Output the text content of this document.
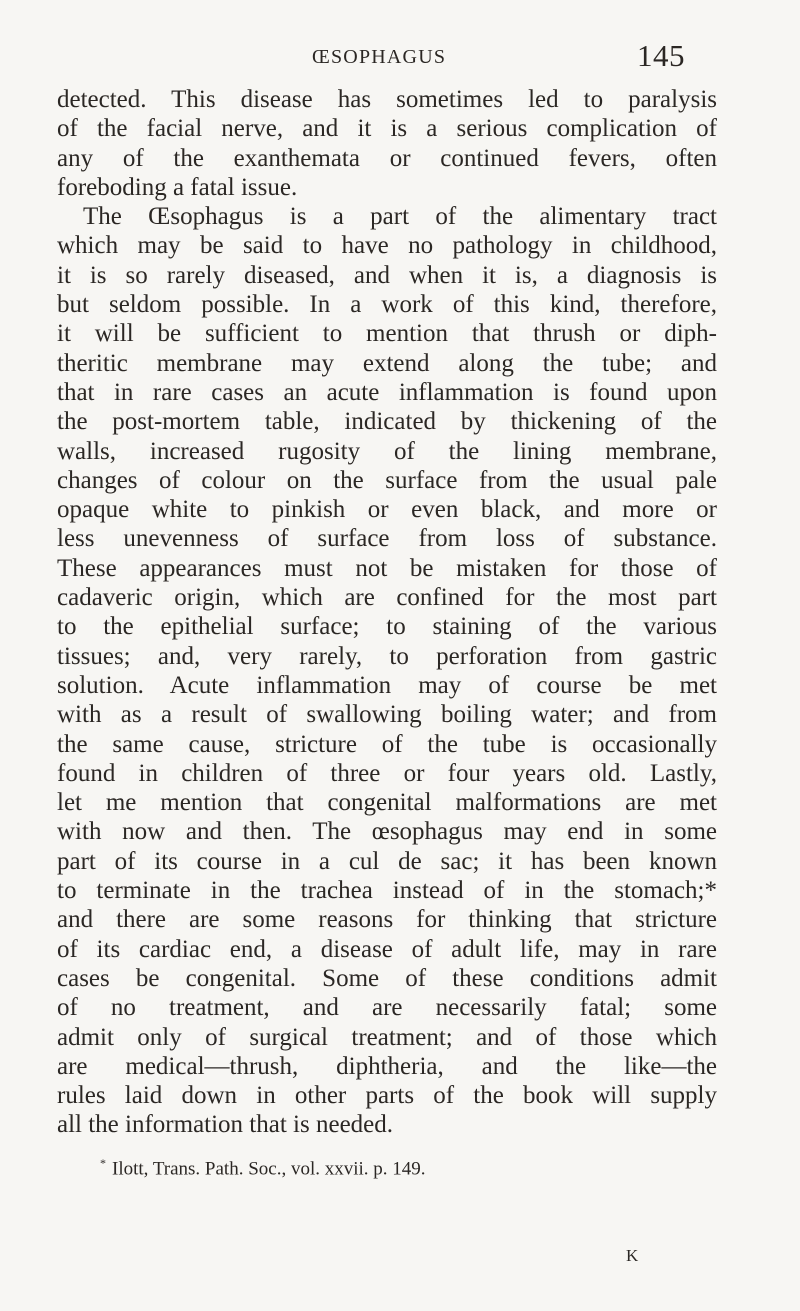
ŒSOPHAGUS	145
detected. This disease has sometimes led to paralysis
of the facial nerve, and it is a serious complication of
any of the exanthemata or continued fevers, often
foreboding a fatal issue.
The Œsophagus is a part of the alimentary tract
which may be said to have no pathology in childhood,
it is so rarely diseased, and when it is, a diagnosis is
but seldom possible. In a work of this kind, therefore,
it will be sufficient to mention that thrush or diph-
theritic membrane may extend along the tube; and
that in rare cases an acute inflammation is found upon
the post-mortem table, indicated by thickening of the
walls, increased rugosity of the lining membrane,
changes of colour on the surface from the usual pale
opaque white to pinkish or even black, and more or
less unevenness of surface from loss of substance.
These appearances must not be mistaken for those of
cadaveric origin, which are confined for the most part
to the epithelial surface; to staining of the various
tissues; and, very rarely, to perforation from gastric
solution. Acute inflammation may of course be met
with as a result of swallowing boiling water; and from
the same cause, stricture of the tube is occasionally
found in children of three or four years old. Lastly,
let me mention that congenital malformations are met
with now and then. The œsophagus may end in some
part of its course in a cul de sac; it has been known
to terminate in the trachea instead of in the stomach;*
and there are some reasons for thinking that stricture
of its cardiac end, a disease of adult life, may in rare
cases be congenital. Some of these conditions admit
of no treatment, and are necessarily fatal; some
admit only of surgical treatment; and of those which
are medical—thrush, diphtheria, and the like—the
rules laid down in other parts of the book will supply
all the information that is needed.
* Ilott, Trans. Path. Soc., vol. xxvii. p. 149.
K
